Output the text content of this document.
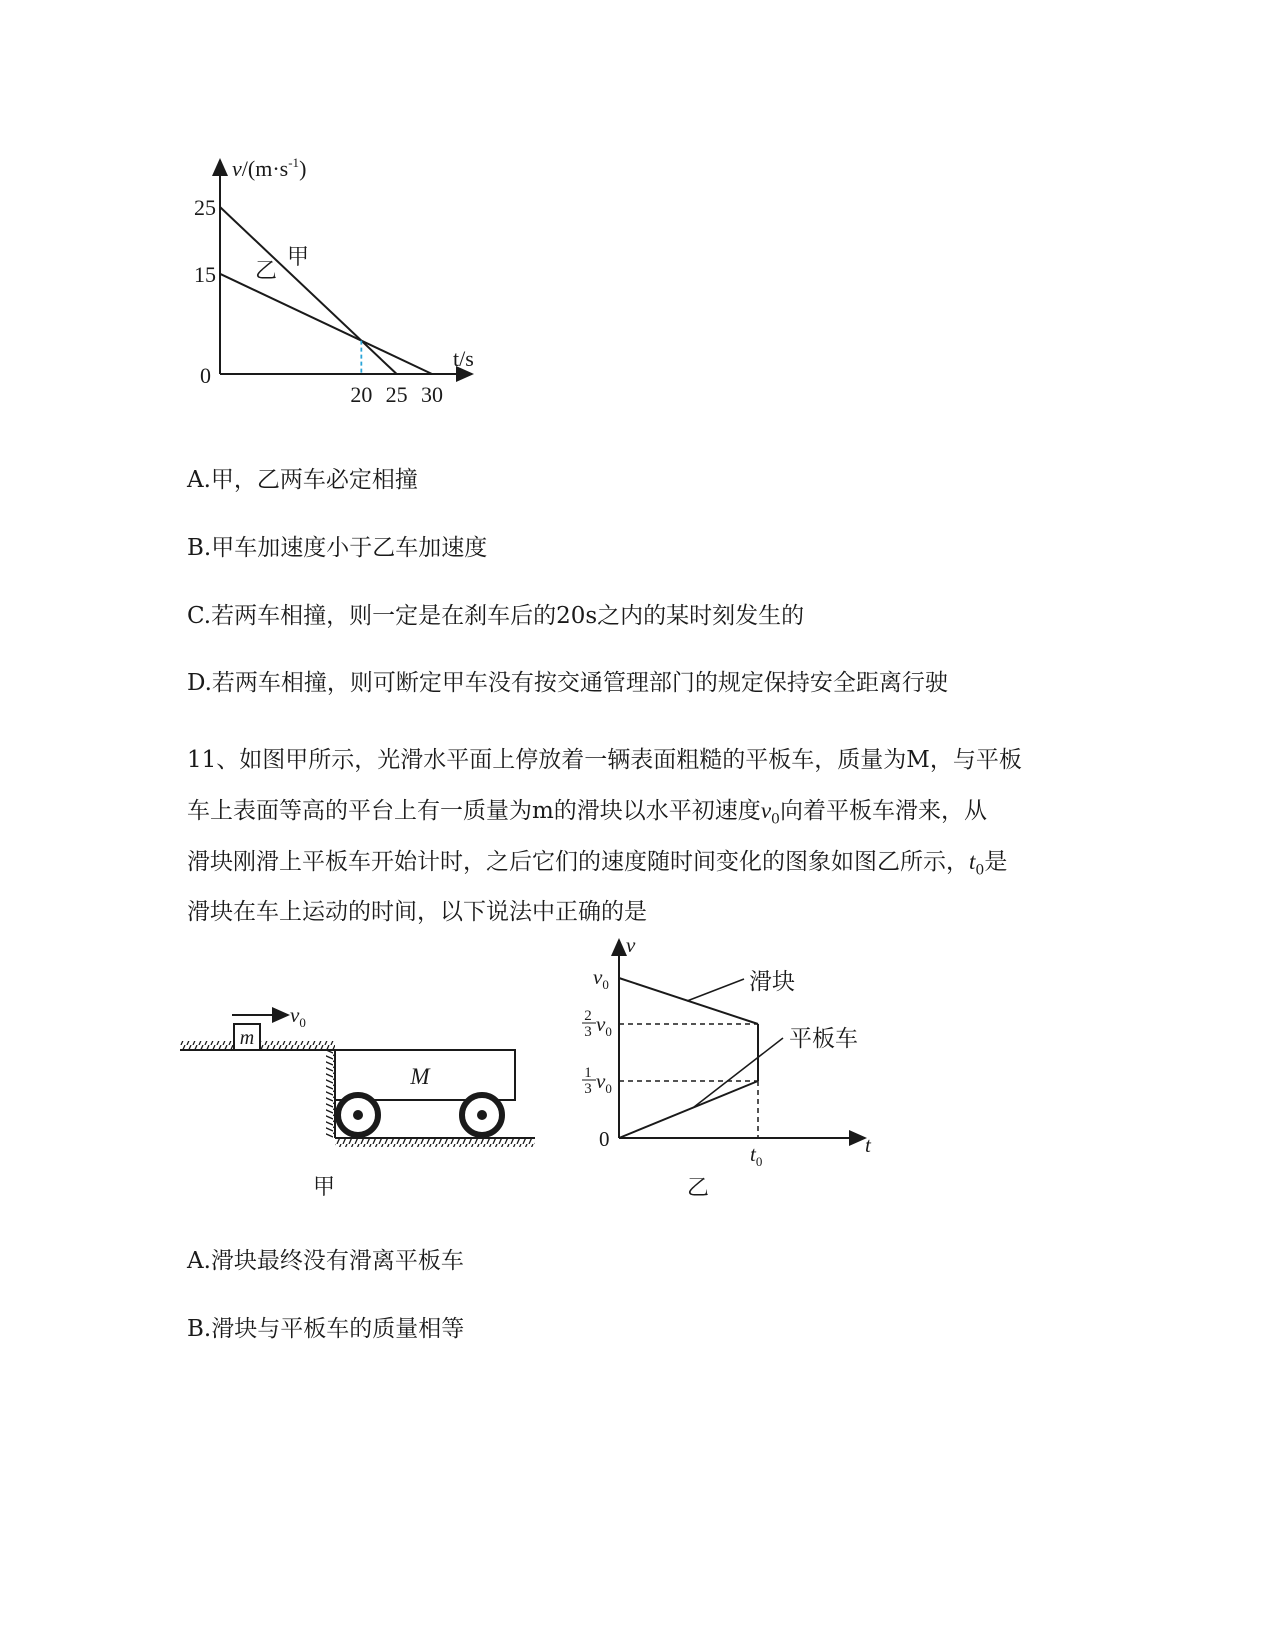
20 25 30
15
25
$v/(m\cdot s^{-1})$
t/s
0
乙
甲
A.甲，乙两车必定相撞
B.甲车加速度小于乙车加速度
C.若两车相撞，则一定是在刹车后的20s之内的某时刻发生的
D.若两车相撞，则可断定甲车没有按交通管理部门的规定保持安全距离行驶
11、如图甲所示，光滑水平面上停放着一辆表面粗糙的平板车，质量为M，与平板
车上表面等高的平台上有一质量为m的滑块以水平初速度$v_0$向着平板车滑来，从
滑块刚滑上平板车开始计时，之后它们的速度随时间变化的图象如图乙所示，$t_0$是
滑块在车上运动的时间，以下说法中正确的是
m
$v_0$
M
甲
v
t
0
滑块
平板车
$v_0$
2
3 $v_0$
1
3 $v_0$
$t_0$
乙
A.滑块最终没有滑离平板车
B.滑块与平板车的质量相等
